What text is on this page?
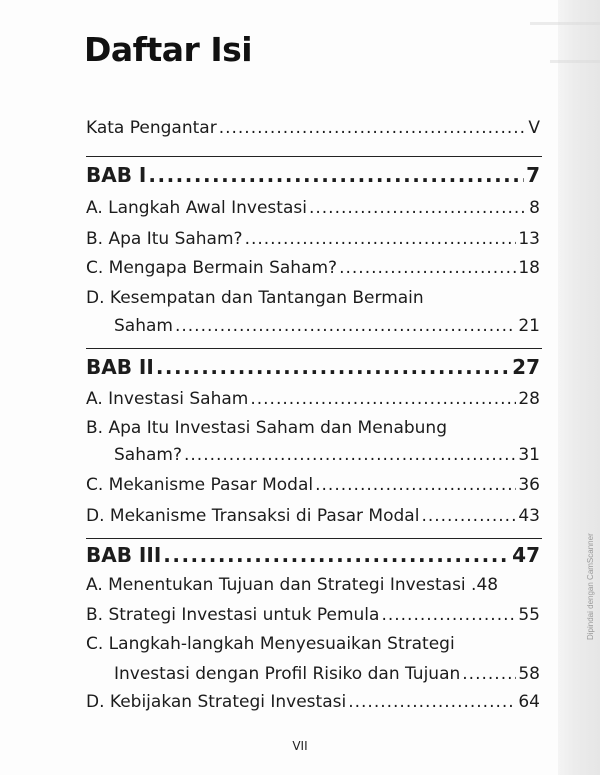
Daftar Isi
Kata Pengantar .....	V
BAB I .....	7
A. Langkah Awal Investasi .....	8
B. Apa Itu Saham? .....	13
C. Mengapa Bermain Saham? .....	18
D. Kesempatan dan Tantangan Bermain
Saham .....	21
BAB II .....	27
A. Investasi Saham .....	28
B. Apa Itu Investasi Saham dan Menabung
Saham? .....	31
C. Mekanisme Pasar Modal .....	36
D. Mekanisme Transaksi di Pasar Modal .....	43
BAB III .....	47
A. Menentukan Tujuan dan Strategi Investasi . 48
B. Strategi Investasi untuk Pemula .....	55
C. Langkah-langkah Menyesuaikan Strategi
Investasi dengan Profil Risiko dan Tujuan .....	58
D. Kebijakan Strategi Investasi .....	64
VII
Dipindai dengan CamScanner
